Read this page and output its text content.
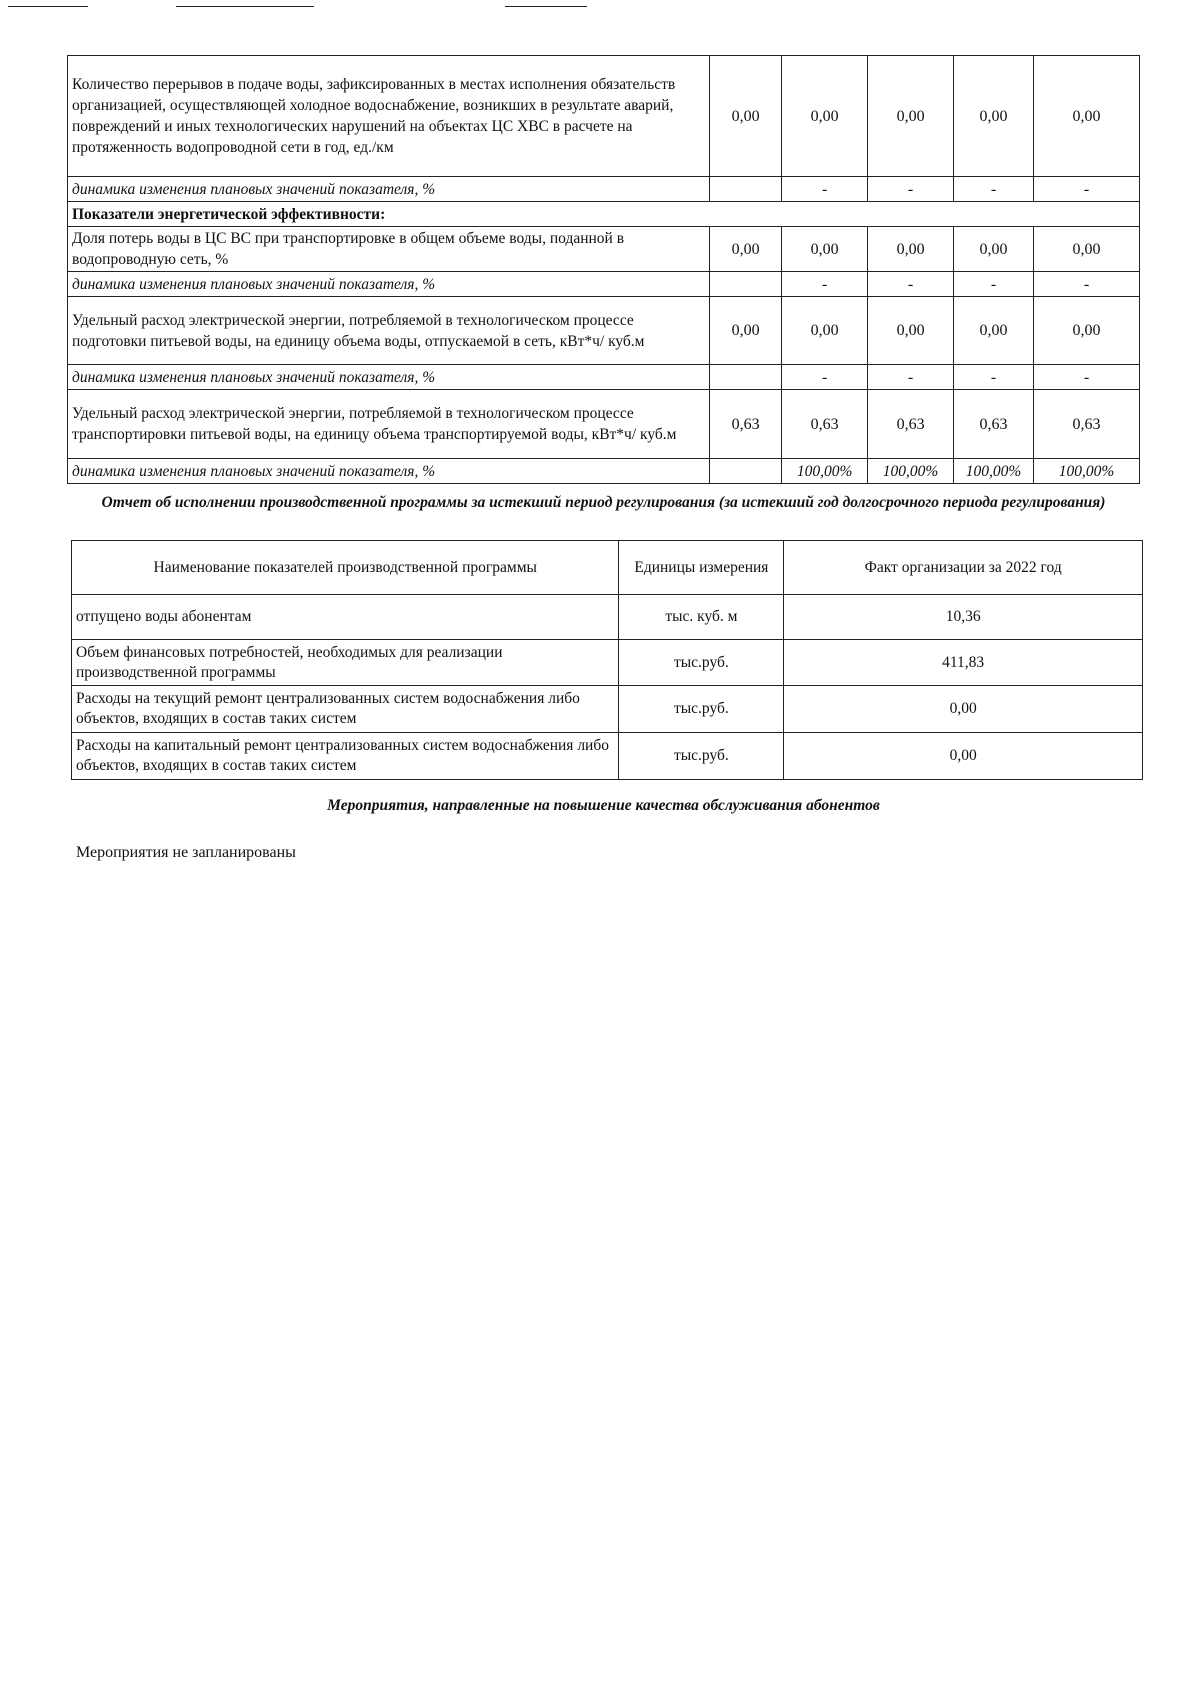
Количество перерывов в подаче воды, зафиксированных в местах исполнения обязательств организацией, осуществляющей холодное водоснабжение, возникших в результате аварий, повреждений и иных технологических нарушений на объектах ЦС ХВС в расчете на протяженность водопроводной сети в год, ед./км	0,00	0,00	0,00	0,00	0,00
динамика изменения плановых значений показателя, %		-	-	-	-
Показатели энергетической эффективности:					
Доля потерь воды в ЦС ВС при транспортировке в общем объеме воды, поданной в водопроводную сеть, %	0,00	0,00	0,00	0,00	0,00
динамика изменения плановых значений показателя, %		-	-	-	-
Удельный расход электрической энергии, потребляемой в технологическом процессе подготовки питьевой воды, на единицу объема воды, отпускаемой в сеть, кВт*ч/ куб.м	0,00	0,00	0,00	0,00	0,00
динамика изменения плановых значений показателя, %		-	-	-	-
Удельный расход электрической энергии, потребляемой в технологическом процессе транспортировки питьевой воды, на единицу объема транспортируемой воды, кВт*ч/ куб.м	0,63	0,63	0,63	0,63	0,63
динамика изменения плановых значений показателя, %		100,00%	100,00%	100,00%	100,00%
Отчет об исполнении производственной программы за истекший период регулирования (за истекший год долгосрочного периода регулирования)
Наименование показателей производственной программы	Единицы измерения	Факт организации за 2022 год
отпущено воды абонентам	тыс. куб. м	10,36
Объем финансовых потребностей, необходимых для реализации производственной программы	тыс.руб.	411,83
Расходы на текущий ремонт централизованных систем водоснабжения либо объектов, входящих в состав таких систем	тыс.руб.	0,00
Расходы на капитальный ремонт централизованных систем водоснабжения либо объектов, входящих в состав таких систем	тыс.руб.	0,00
Мероприятия, направленные на повышение качества обслуживания абонентов
Мероприятия не запланированы
